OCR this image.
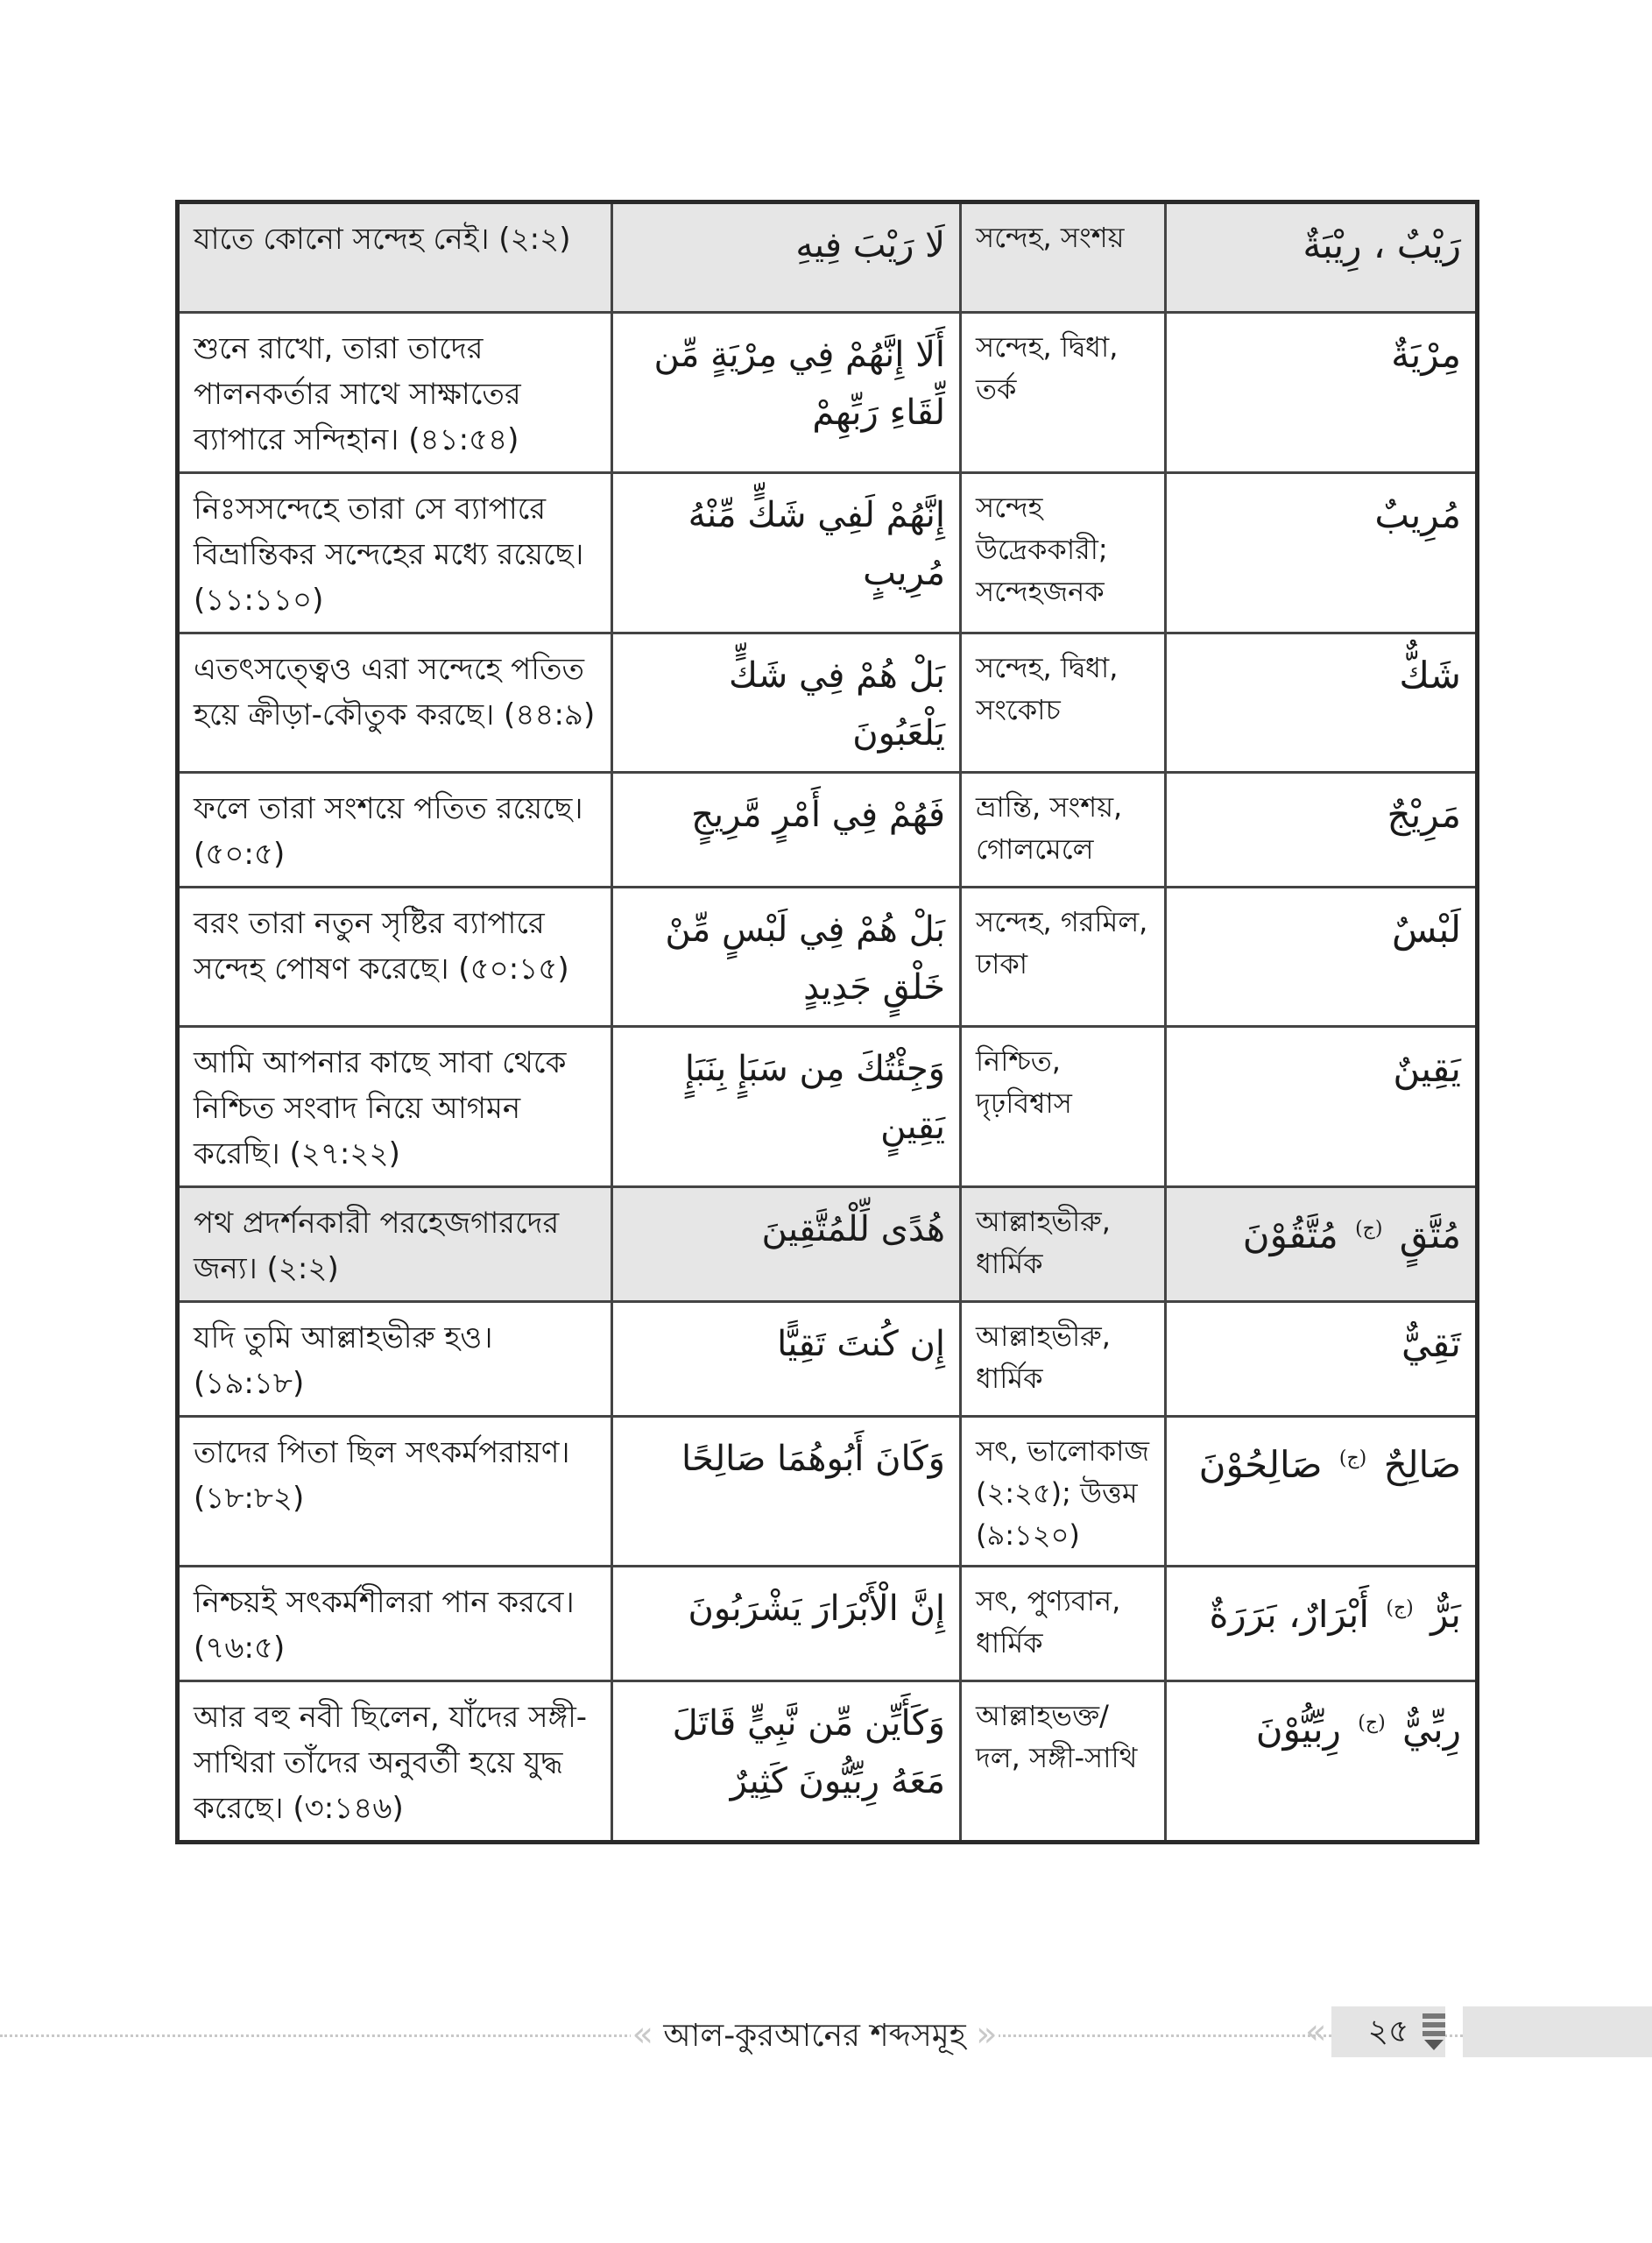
যাতে কোনো সন্দেহ নেই। (২:২)	لَا رَيْبَ فِيهِ	সন্দেহ, সংশয়	رَيْبٌ ، رِيْبَةٌ
শুনে রাখো, তারা তাদের পালনকর্তার সাথে সাক্ষাতের ব্যাপারে সন্দিহান। (৪১:৫৪)	أَلَا إِنَّهُمْ فِي مِرْيَةٍ مِّن لِّقَاءِ رَبِّهِمْ	সন্দেহ, দ্বিধা, তর্ক	مِرْيَةٌ
নিঃসসন্দেহে তারা সে ব্যাপারে বিভ্রান্তিকর সন্দেহের মধ্যে রয়েছে। (১১:১১০)	إِنَّهُمْ لَفِي شَكٍّ مِّنْهُ مُرِيبٍ	সন্দেহ উদ্রেককারী; সন্দেহজনক	مُرِيبٌ
এতৎসত্ত্বেও এরা সন্দেহে পতিত হয়ে ক্রীড়া-কৌতুক করছে। (৪৪:৯)	بَلْ هُمْ فِي شَكٍّ يَلْعَبُونَ	সন্দেহ, দ্বিধা, সংকোচ	شَكٌّ
ফলে তারা সংশয়ে পতিত রয়েছে। (৫০:৫)	فَهُمْ فِي أَمْرٍ مَّرِيجٍ	ভ্রান্তি, সংশয়, গোলমেলে	مَرِيْجٌ
বরং তারা নতুন সৃষ্টির ব্যাপারে সন্দেহ পোষণ করেছে। (৫০:১৫)	بَلْ هُمْ فِي لَبْسٍ مِّنْ خَلْقٍ جَدِيدٍ	সন্দেহ, গরমিল, ঢাকা	لَبْسٌ
আমি আপনার কাছে সাবা থেকে নিশ্চিত সংবাদ নিয়ে আগমন করেছি। (২৭:২২)	وَجِئْتُكَ مِن سَبَإٍ بِنَبَإٍ يَقِينٍ	নিশ্চিত, দৃঢ়বিশ্বাস	يَقِينٌ
পথ প্রদর্শনকারী পরহেজগারদের জন্য। (২:২)	هُدًى لِّلْمُتَّقِينَ	আল্লাহভীরু, ধার্মিক	مُتَّقٍ $^{(ج)}$ مُتَّقُوْنَ
যদি তুমি আল্লাহভীরু হও।(১৯:১৮)	إِن كُنتَ تَقِيًّا	আল্লাহভীরু, ধার্মিক	تَقِيٌّ
তাদের পিতা ছিল সৎকর্মপরায়ণ। (১৮:৮২)	وَكَانَ أَبُوهُمَا صَالِحًا	সৎ, ভালোকাজ (২:২৫); উত্তম (৯:১২০)	صَالِحٌ $^{(ج)}$ صَالِحُوْنَ
নিশ্চয়ই সৎকর্মশীলরা পান করবে। (৭৬:৫)	إِنَّ الْأَبْرَارَ يَشْرَبُونَ	সৎ, পুণ্যবান, ধার্মিক	بَرٌّ $^{(ج)}$ أَبْرَارٌ، بَرَرَةٌ
আর বহু নবী ছিলেন, যাঁদের সঙ্গী-সাথিরা তাঁদের অনুবর্তী হয়ে যুদ্ধ করেছে। (৩:১৪৬)	وَكَأَيِّن مِّن نَّبِيٍّ قَاتَلَ مَعَهُ رِبِّيُّونَ كَثِيرٌ	আল্লাহভক্ত/ দল, সঙ্গী-সাথি	رِبِّيٌّ $^{(ج)}$ رِبِّيُّوْنَ
« আল-কুরআনের শব্দসমূহ »	«	২৫
